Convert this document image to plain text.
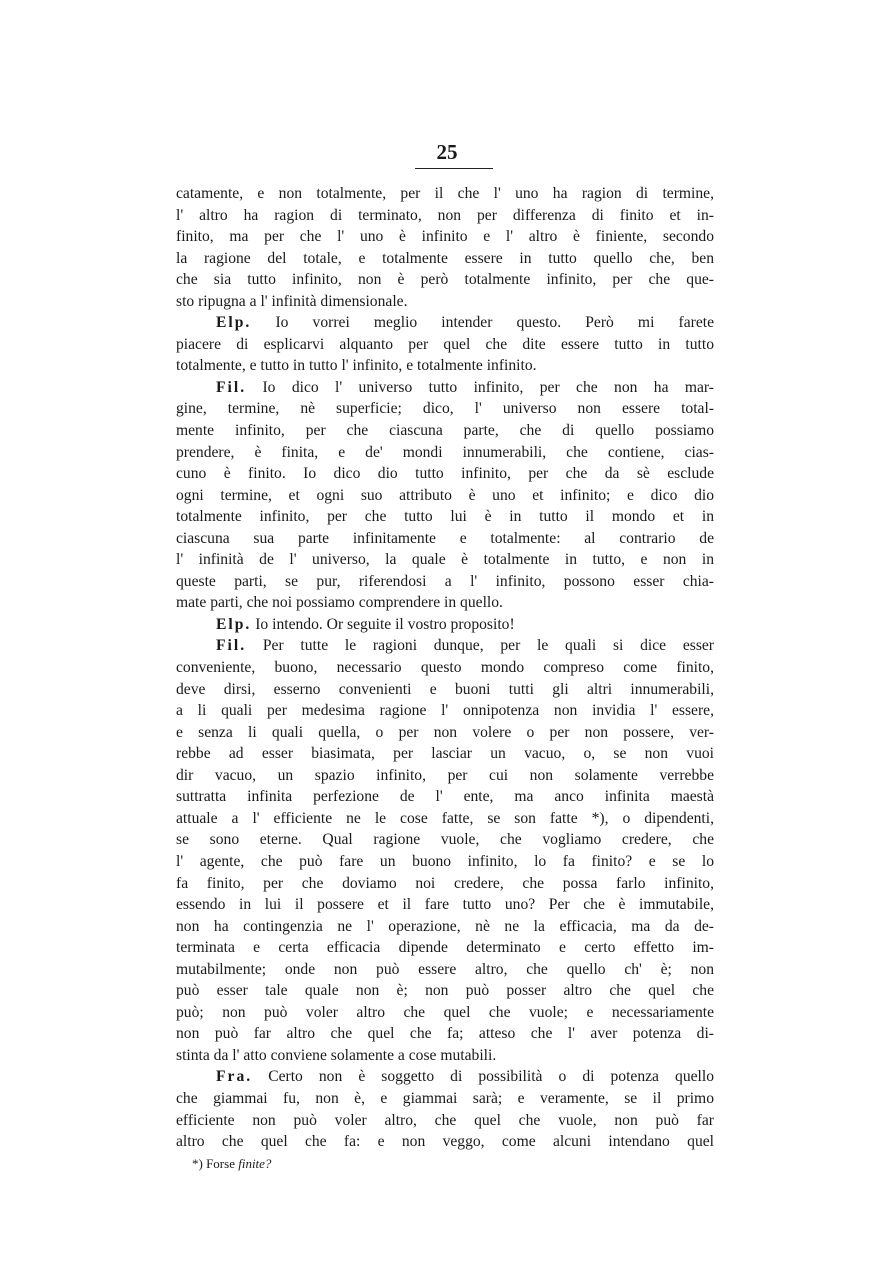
25
catamente, e non totalmente, per il che l' uno ha ragion di termine,
l' altro ha ragion di terminato, non per differenza di finito et in-
finito, ma per che l' uno è infinito e l' altro è finiente, secondo
la ragione del totale, e totalmente essere in tutto quello che, ben
che sia tutto infinito, non è però totalmente infinito, per che que-
sto ripugna a l' infinità dimensionale.
Elp. Io vorrei meglio intender questo. Però mi farete
piacere di esplicarvi alquanto per quel che dite essere tutto in tutto
totalmente, e tutto in tutto l' infinito, e totalmente infinito.
Fil. Io dico l' universo tutto infinito, per che non ha mar-
gine, termine, nè superficie; dico, l' universo non essere total-
mente infinito, per che ciascuna parte, che di quello possiamo
prendere, è finita, e de' mondi innumerabili, che contiene, cias-
cuno è finito. Io dico dio tutto infinito, per che da sè esclude
ogni termine, et ogni suo attributo è uno et infinito; e dico dio
totalmente infinito, per che tutto lui è in tutto il mondo et in
ciascuna sua parte infinitamente e totalmente: al contrario de
l' infinità de l' universo, la quale è totalmente in tutto, e non in
queste parti, se pur, riferendosi a l' infinito, possono esser chia-
mate parti, che noi possiamo comprendere in quello.
Elp. Io intendo. Or seguite il vostro proposito!
Fil. Per tutte le ragioni dunque, per le quali si dice esser
conveniente, buono, necessario questo mondo compreso come finito,
deve dirsi, esserno convenienti e buoni tutti gli altri innumerabili,
a li quali per medesima ragione l' onnipotenza non invidia l' essere,
e senza li quali quella, o per non volere o per non possere, ver-
rebbe ad esser biasimata, per lasciar un vacuo, o, se non vuoi
dir vacuo, un spazio infinito, per cui non solamente verrebbe
suttratta infinita perfezione de l' ente, ma anco infinita maestà
attuale a l' efficiente ne le cose fatte, se son fatte *), o dipendenti,
se sono eterne. Qual ragione vuole, che vogliamo credere, che
l' agente, che può fare un buono infinito, lo fa finito? e se lo
fa finito, per che doviamo noi credere, che possa farlo infinito,
essendo in lui il possere et il fare tutto uno? Per che è immutabile,
non ha contingenzia ne l' operazione, nè ne la efficacia, ma da de-
terminata e certa efficacia dipende determinato e certo effetto im-
mutabilmente; onde non può essere altro, che quello ch' è; non
può esser tale quale non è; non può posser altro che quel che
può; non può voler altro che quel che vuole; e necessariamente
non può far altro che quel che fa; atteso che l' aver potenza di-
stinta da l' atto conviene solamente a cose mutabili.
Fra. Certo non è soggetto di possibilità o di potenza quello
che giammai fu, non è, e giammai sarà; e veramente, se il primo
efficiente non può voler altro, che quel che vuole, non può far
altro che quel che fa: e non veggo, come alcuni intendano quel
*) Forse finite?
